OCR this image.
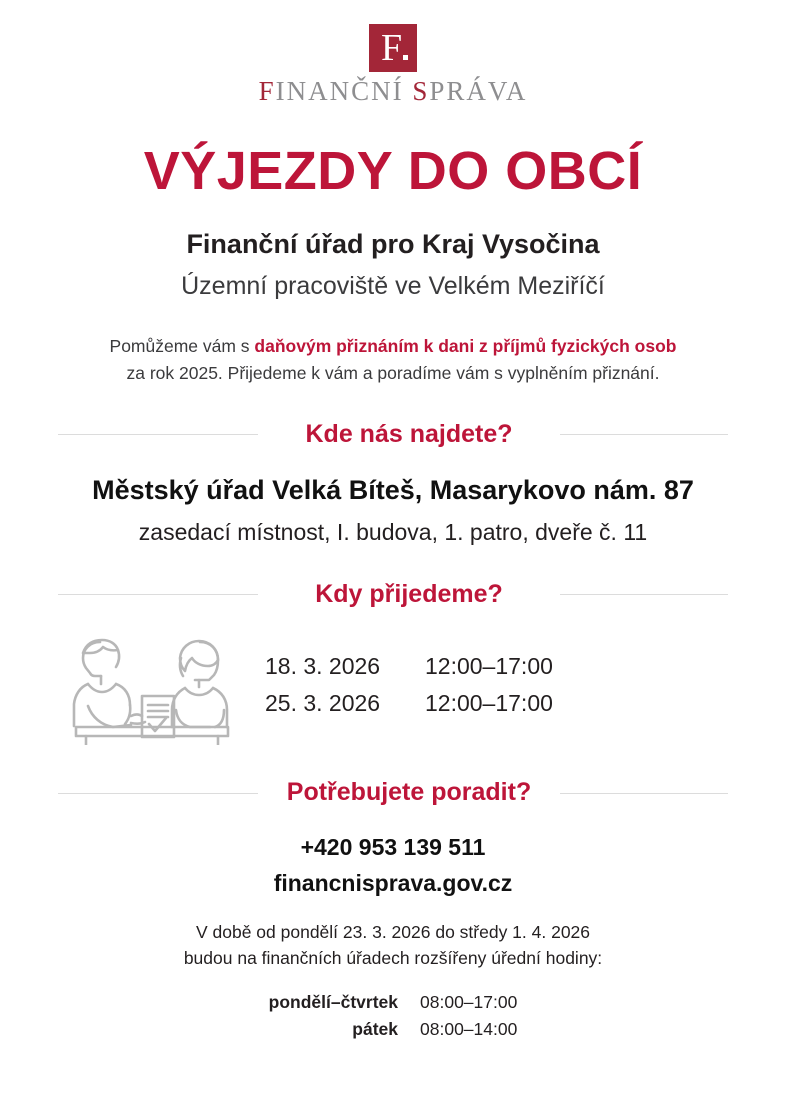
F
FINANČNÍ SPRÁVA
VÝJEZDY DO OBCÍ
Finanční úřad pro Kraj Vysočina
Územní pracoviště ve Velkém Meziříčí
Pomůžeme vám s daňovým přiznáním k dani z příjmů fyzických osob
za rok 2025. Přijedeme k vám a poradíme vám s vyplněním přiznání.
Kde nás najdete?
Městský úřad Velká Bíteš, Masarykovo nám. 87
zasedací místnost, I. budova, 1. patro, dveře č. 11
Kdy přijedeme?
18. 3. 2026	12:00–17:00
25. 3. 2026	12:00–17:00
Potřebujete poradit?
+420 953 139 511
financnisprava.gov.cz
V době od pondělí 23. 3. 2026 do středy 1. 4. 2026
budou na finančních úřadech rozšířeny úřední hodiny:
pondělí–čtvrtek	08:00–17:00
pátek	08:00–14:00
